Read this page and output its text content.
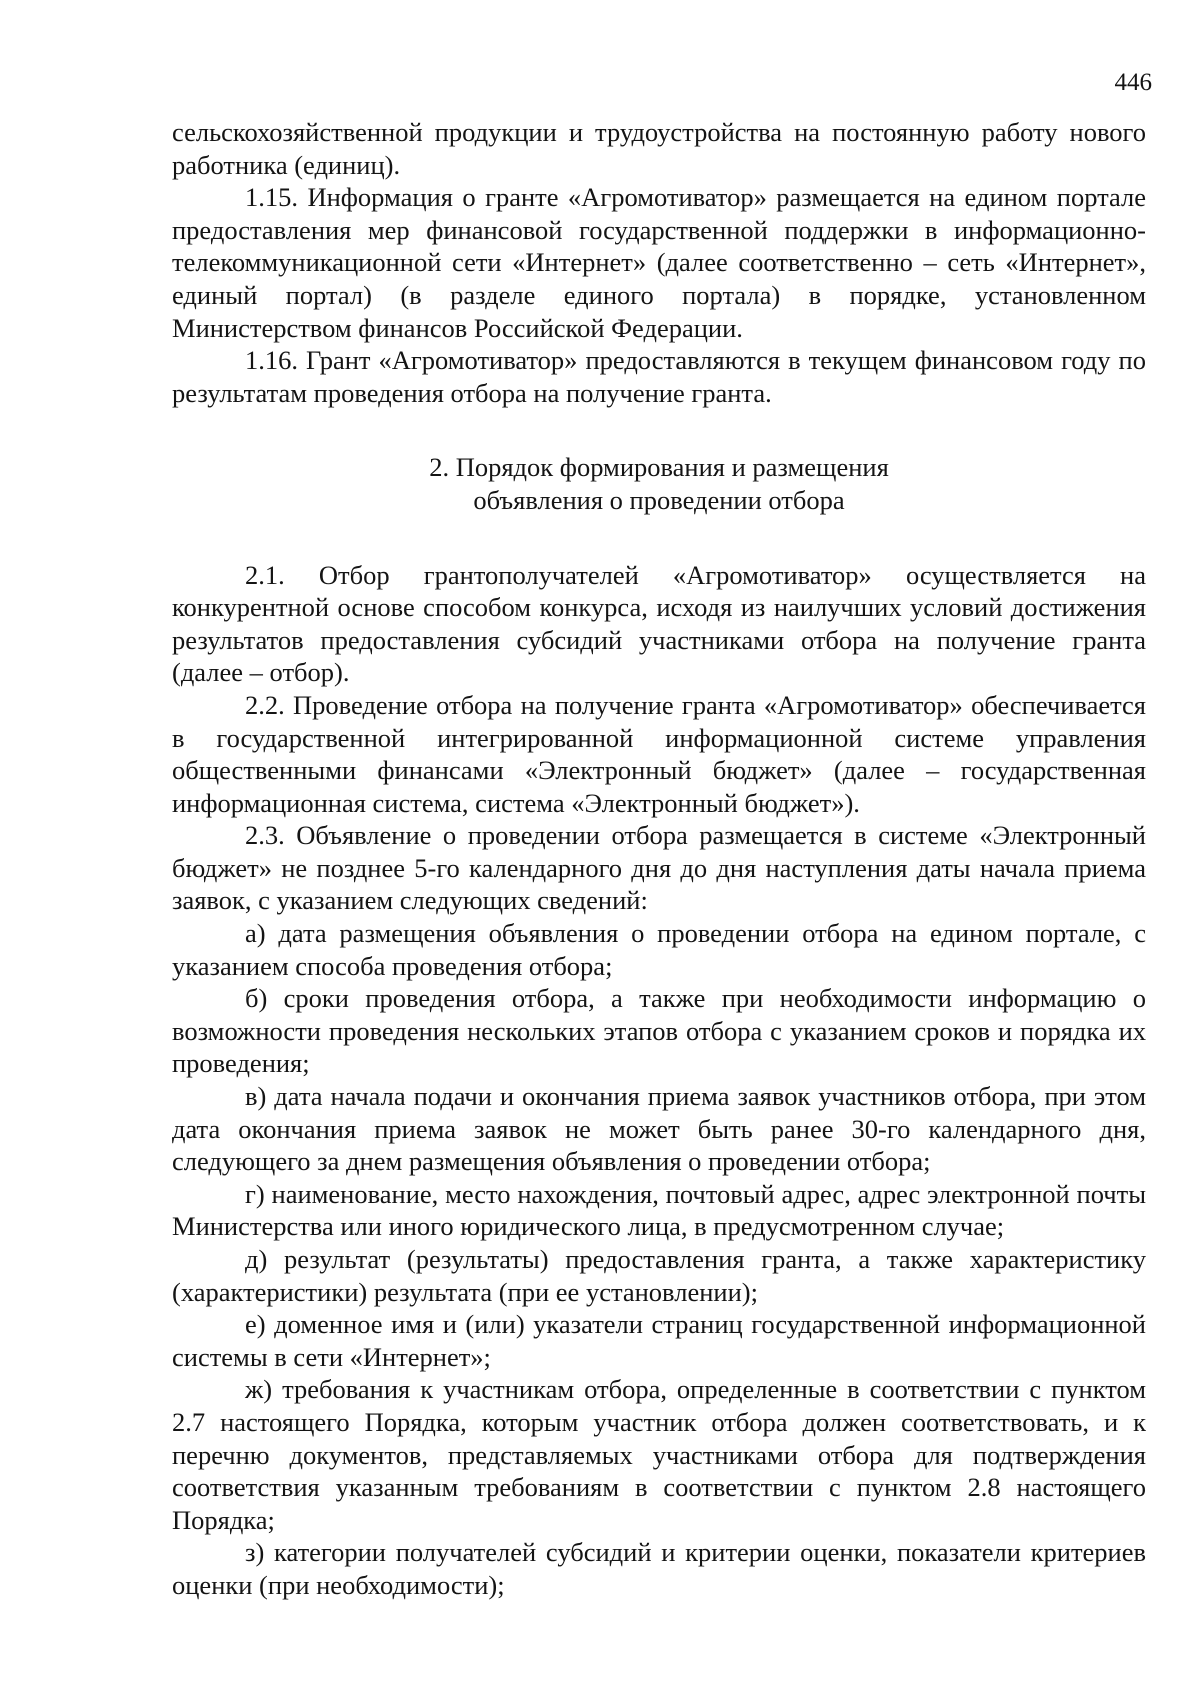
446

сельскохозяйственной продукции и трудоустройства на постоянную работу нового работника (единиц).

1.15. Информация о гранте «Агромотиватор» размещается на едином портале предоставления мер финансовой государственной поддержки в информационно-телекоммуникационной сети «Интернет» (далее соответственно – сеть «Интернет», единый портал) (в разделе единого портала) в порядке, установленном Министерством финансов Российской Федерации.

1.16. Грант «Агромотиватор» предоставляются в текущем финансовом году по результатам проведения отбора на получение гранта.

2. Порядок формирования и размещения
объявления о проведении отбора

2.1. Отбор грантополучателей «Агромотиватор» осуществляется на конкурентной основе способом конкурса, исходя из наилучших условий достижения результатов предоставления субсидий участниками отбора на получение гранта (далее – отбор).

2.2. Проведение отбора на получение гранта «Агромотиватор» обеспечивается в государственной интегрированной информационной системе управления общественными финансами «Электронный бюджет» (далее – государственная информационная система, система «Электронный бюджет»).

2.3. Объявление о проведении отбора размещается в системе «Электронный бюджет» не позднее 5-го календарного дня до дня наступления даты начала приема заявок, с указанием следующих сведений:

а) дата размещения объявления о проведении отбора на едином портале, с указанием способа проведения отбора;

б) сроки проведения отбора, а также при необходимости информацию о возможности проведения нескольких этапов отбора с указанием сроков и порядка их проведения;

в) дата начала подачи и окончания приема заявок участников отбора, при этом дата окончания приема заявок не может быть ранее 30-го календарного дня, следующего за днем размещения объявления о проведении отбора;

г) наименование, место нахождения, почтовый адрес, адрес электронной почты Министерства или иного юридического лица, в предусмотренном случае;

д) результат (результаты) предоставления гранта, а также характеристику (характеристики) результата (при ее установлении);

е) доменное имя и (или) указатели страниц государственной информационной системы в сети «Интернет»;

ж) требования к участникам отбора, определенные в соответствии с пунктом 2.7 настоящего Порядка, которым участник отбора должен соответствовать, и к перечню документов, представляемых участниками отбора для подтверждения соответствия указанным требованиям в соответствии с пунктом 2.8 настоящего Порядка;

з) категории получателей субсидий и критерии оценки, показатели критериев оценки (при необходимости);
